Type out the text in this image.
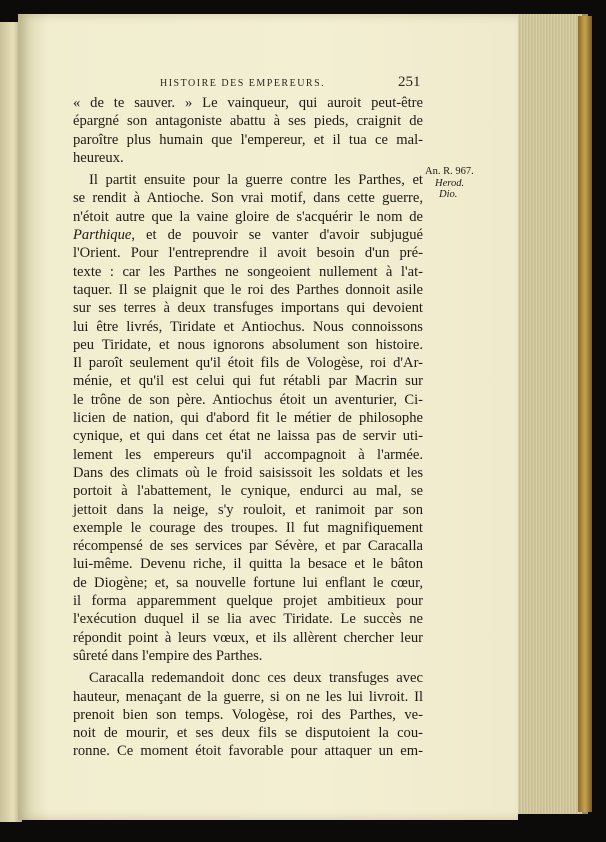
HISTOIRE DES EMPEREURS.	251
« de te sauver. » Le vainqueur, qui auroit peut-être
épargné son antagoniste abattu à ses pieds, craignit de
paroître plus humain que l'empereur, et il tua ce mal-
heureux.
Il partit ensuite pour la guerre contre les Parthes, et
se rendit à Antioche. Son vrai motif, dans cette guerre,
n'étoit autre que la vaine gloire de s'acquérir le nom de
Parthique, et de pouvoir se vanter d'avoir subjugué
l'Orient. Pour l'entreprendre il avoit besoin d'un pré-
texte : car les Parthes ne songeoient nullement à l'at-
taquer. Il se plaignit que le roi des Parthes donnoit asile
sur ses terres à deux transfuges importans qui devoient
lui être livrés, Tiridate et Antiochus. Nous connoissons
peu Tiridate, et nous ignorons absolument son histoire.
Il paroît seulement qu'il étoit fils de Vologèse, roi d'Ar-
ménie, et qu'il est celui qui fut rétabli par Macrin sur
le trône de son père. Antiochus étoit un aventurier, Ci-
licien de nation, qui d'abord fit le métier de philosophe
cynique, et qui dans cet état ne laissa pas de servir uti-
lement les empereurs qu'il accompagnoit à l'armée.
Dans des climats où le froid saisissoit les soldats et les
portoit à l'abattement, le cynique, endurci au mal, se
jettoit dans la neige, s'y rouloit, et ranimoit par son
exemple le courage des troupes. Il fut magnifiquement
récompensé de ses services par Sévère, et par Caracalla
lui-même. Devenu riche, il quitta la besace et le bâton
de Diogène; et, sa nouvelle fortune lui enflant le cœur,
il forma apparemment quelque projet ambitieux pour
l'exécution duquel il se lia avec Tiridate. Le succès ne
répondit point à leurs vœux, et ils allèrent chercher leur
sûreté dans l'empire des Parthes.
Caracalla redemandoit donc ces deux transfuges avec
hauteur, menaçant de la guerre, si on ne les lui livroit. Il
prenoit bien son temps. Vologèse, roi des Parthes, ve-
noit de mourir, et ses deux fils se disputoient la cou-
ronne. Ce moment étoit favorable pour attaquer un em-
An. R. 967.
Herod.
Dio.
